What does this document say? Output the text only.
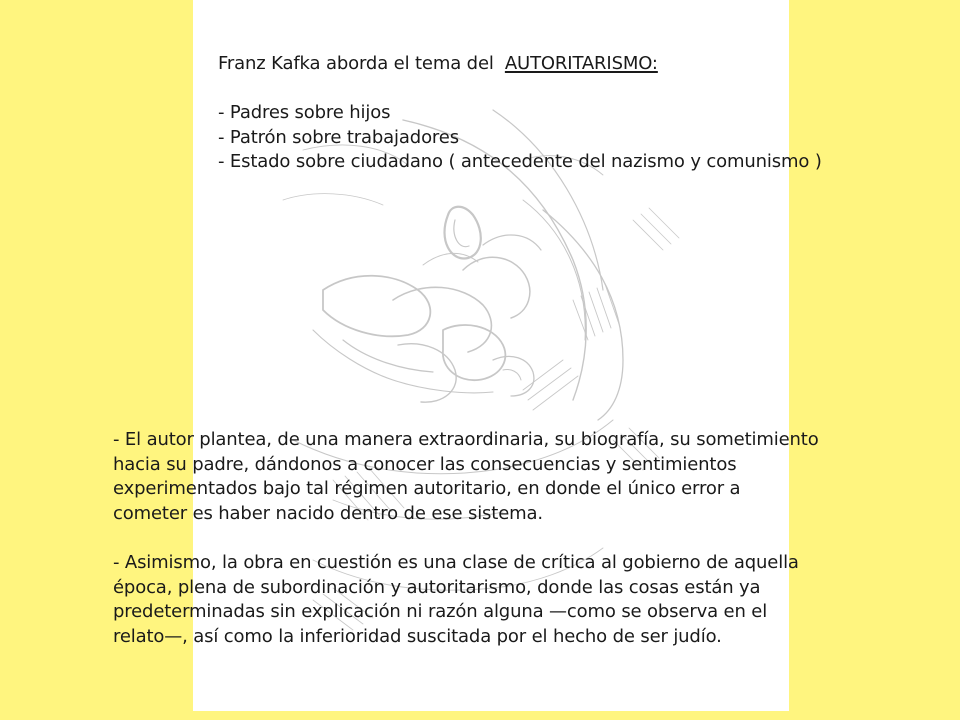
Franz Kafka aborda el tema del AUTORITARISMO:

- Padres sobre hijos

- Patrón sobre trabajadores

- Estado sobre ciudadano ( antecedente del nazismo y comunismo )

- El autor plantea, de una manera extraordinaria, su biografía, su sometimiento

hacia su padre, dándonos a conocer las consecuencias y sentimientos

experimentados bajo tal régimen autoritario, en donde el único error a

cometer es haber nacido dentro de ese sistema.

- Asimismo, la obra en cuestión es una clase de crítica al gobierno de aquella

época, plena de subordinación y autoritarismo, donde las cosas están ya

predeterminadas sin explicación ni razón alguna —como se observa en el

relato—, así como la inferioridad suscitada por el hecho de ser judío.
